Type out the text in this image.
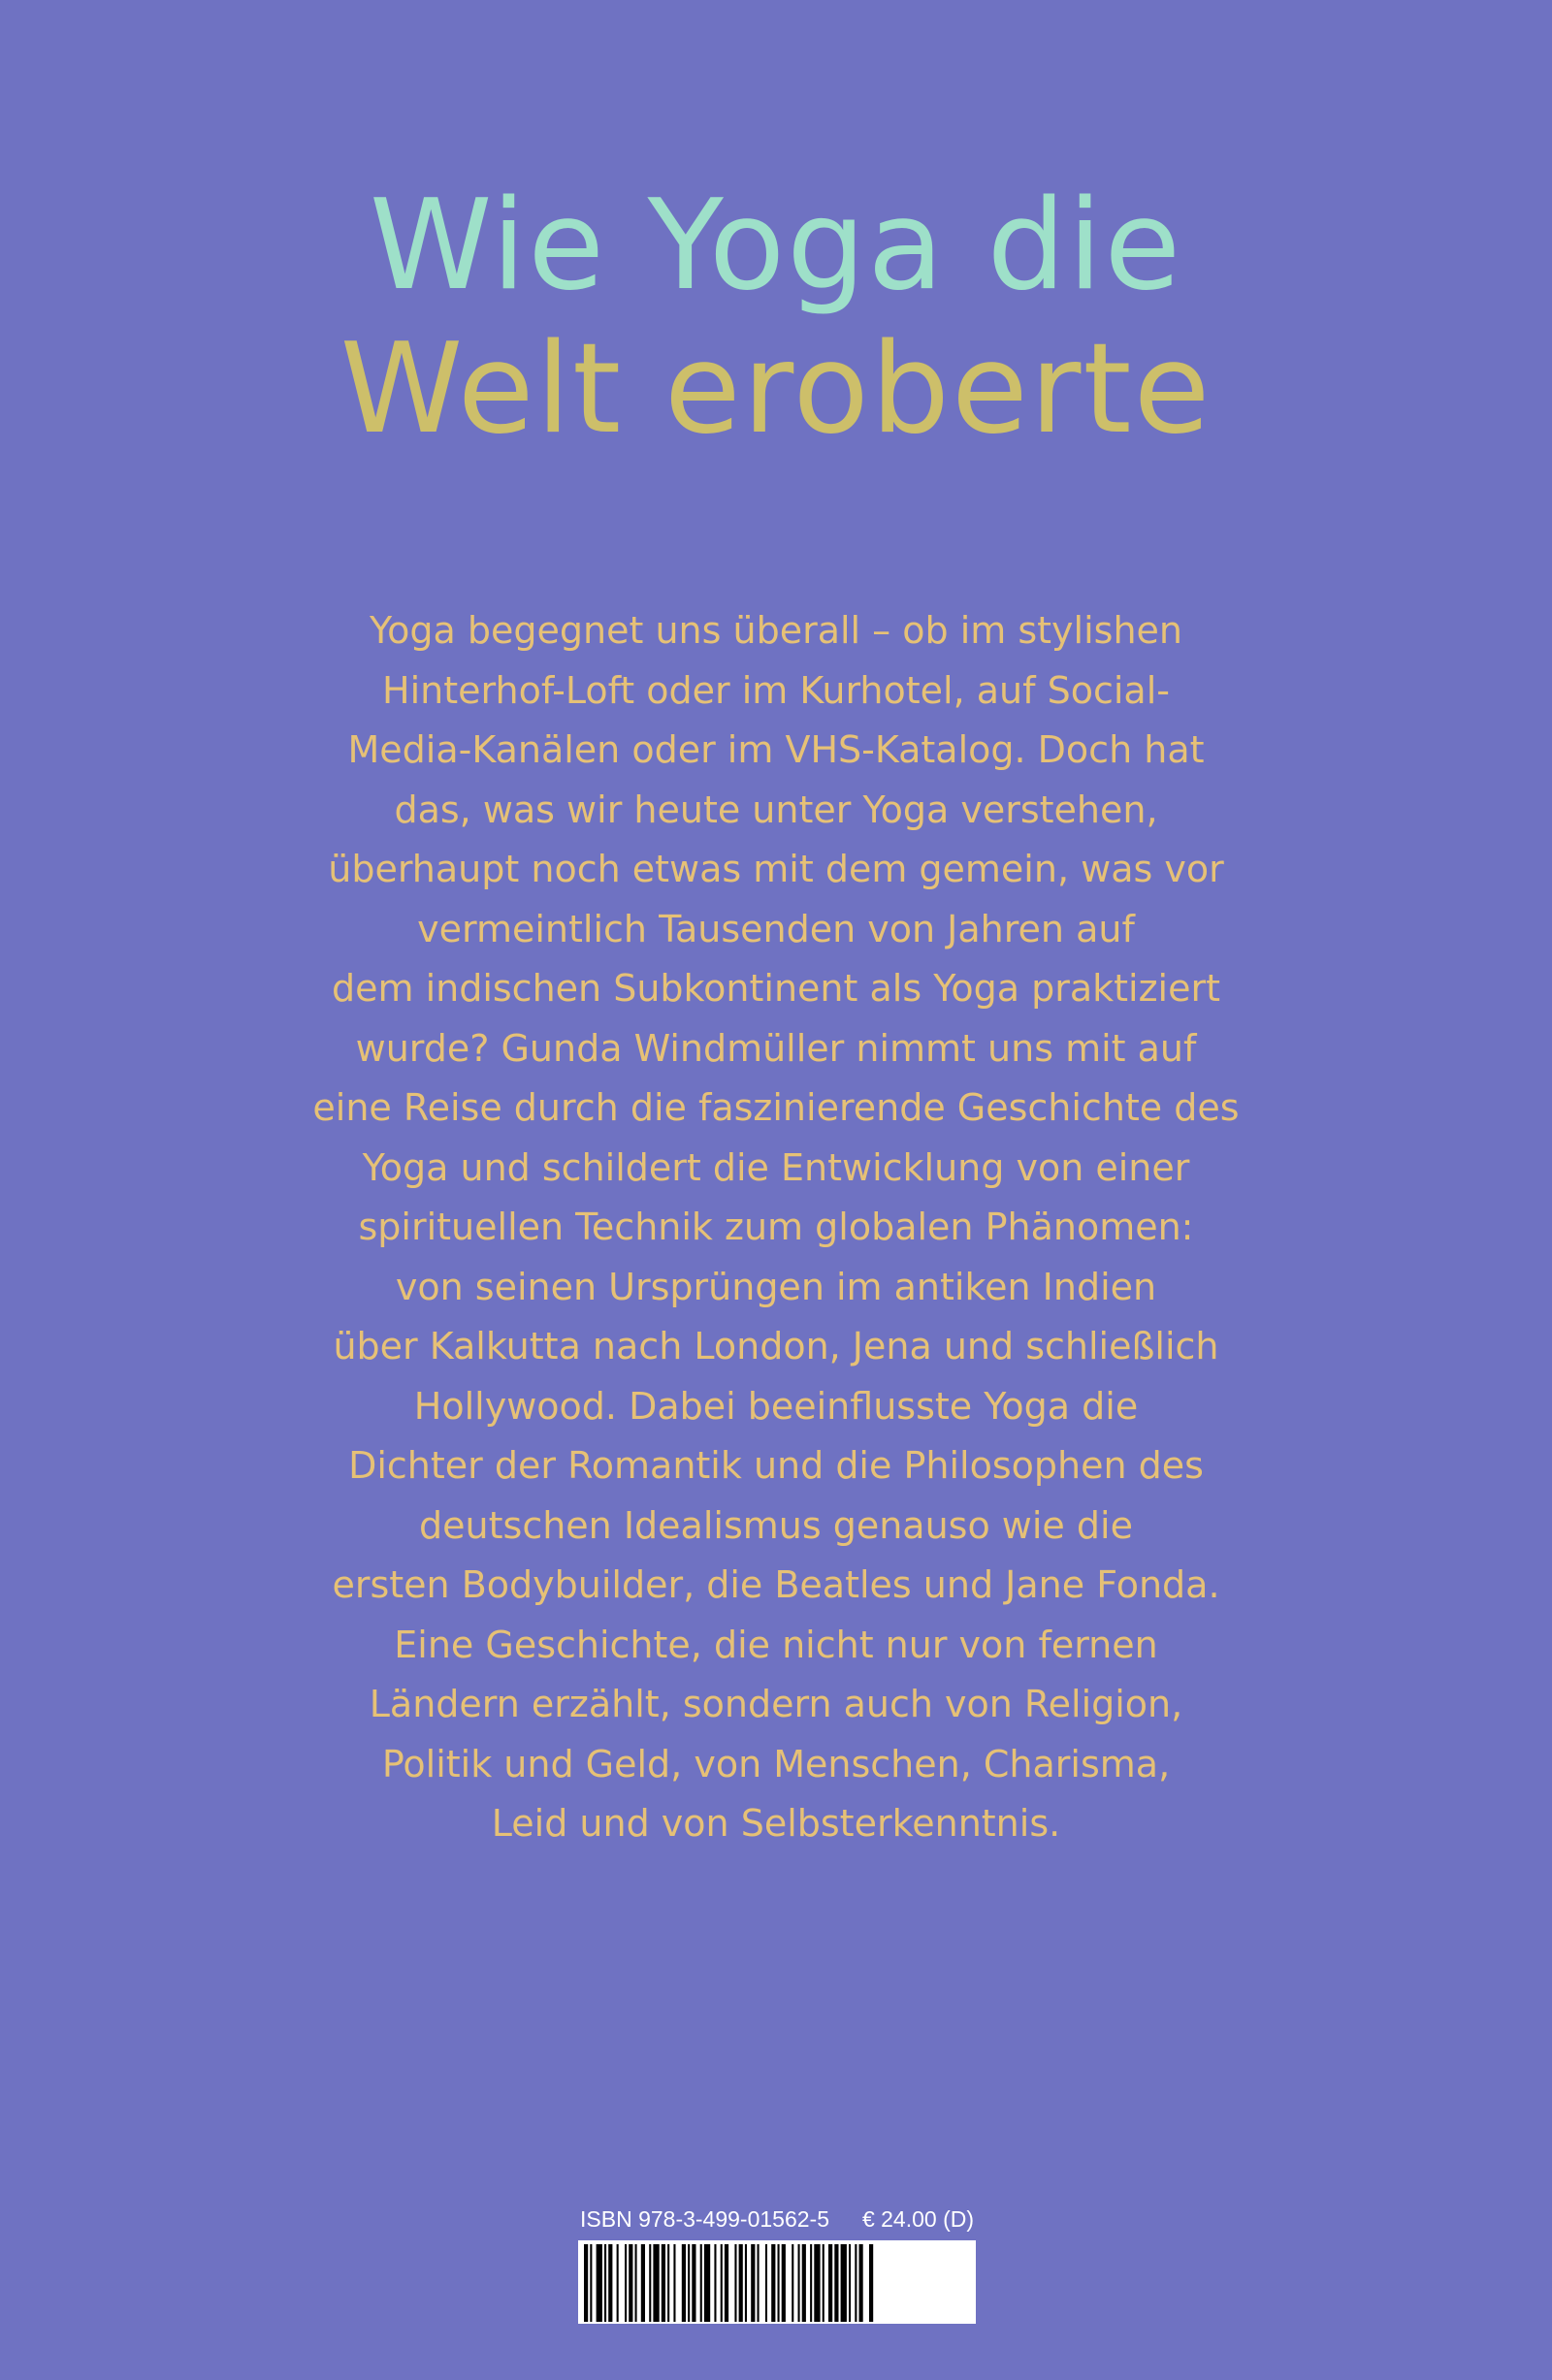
Wie Yoga die
Welt eroberte
Yoga begegnet uns überall – ob im stylishen
Hinterhof-Loft oder im Kurhotel, auf Social-
Media-Kanälen oder im VHS-Katalog. Doch hat
das, was wir heute unter Yoga verstehen,
überhaupt noch etwas mit dem gemein, was vor
vermeintlich Tausenden von Jahren auf
dem indischen Subkontinent als Yoga praktiziert
wurde? Gunda Windmüller nimmt uns mit auf
eine Reise durch die faszinierende Geschichte des
Yoga und schildert die Entwicklung von einer
spirituellen Technik zum globalen Phänomen:
von seinen Ursprüngen im antiken Indien
über Kalkutta nach London, Jena und schließlich
Hollywood. Dabei beeinflusste Yoga die
Dichter der Romantik und die Philosophen des
deutschen Idealismus genauso wie die
ersten Bodybuilder, die Beatles und Jane Fonda.
Eine Geschichte, die nicht nur von fernen
Ländern erzählt, sondern auch von Religion,
Politik und Geld, von Menschen, Charisma,
Leid und von Selbsterkenntnis.
ISBN 978-3-499-01562-5 € 24.00 (D)
